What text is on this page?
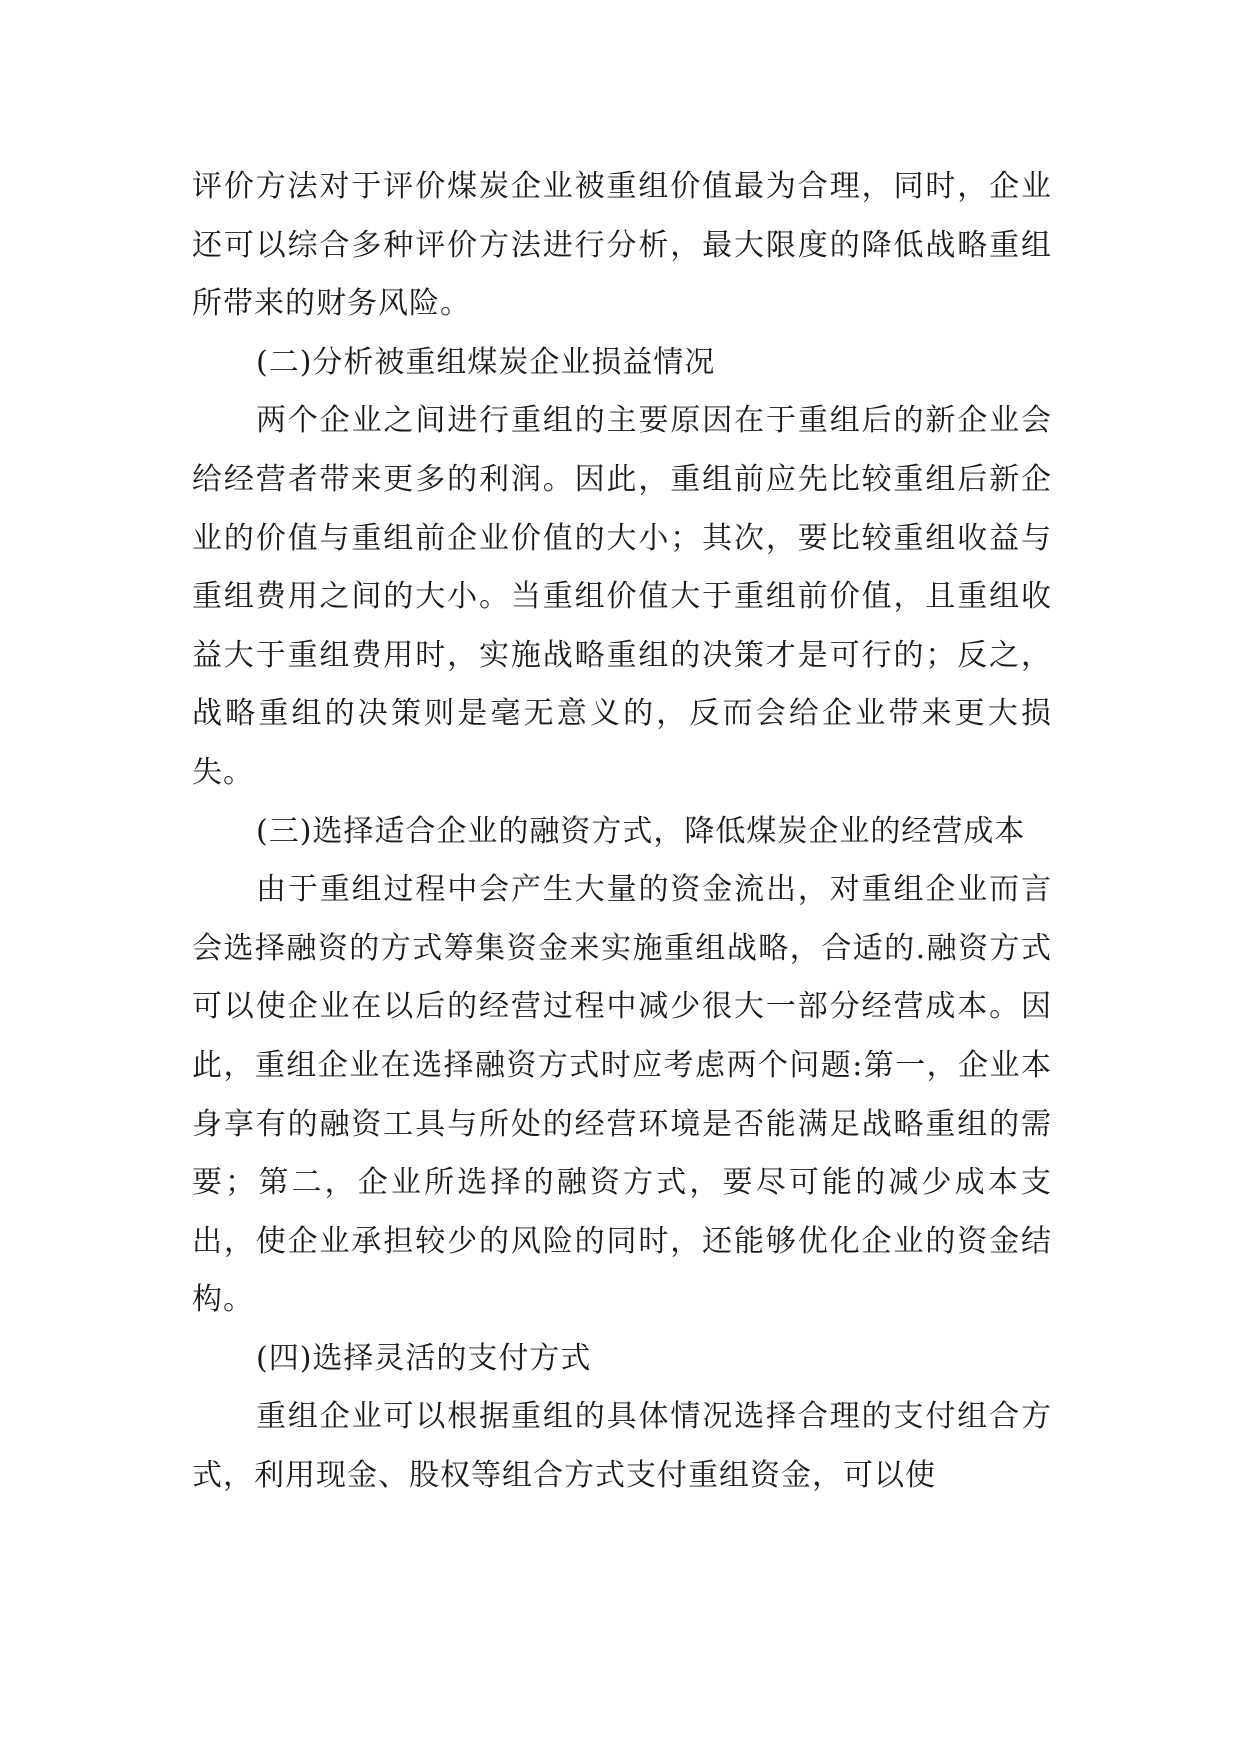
评价方法对于评价煤炭企业被重组价值最为合理，同时，企业还可以综合多种评价方法进行分析，最大限度的降低战略重组所带来的财务风险。

(二)分析被重组煤炭企业损益情况

两个企业之间进行重组的主要原因在于重组后的新企业会给经营者带来更多的利润。因此，重组前应先比较重组后新企业的价值与重组前企业价值的大小；其次，要比较重组收益与重组费用之间的大小。当重组价值大于重组前价值，且重组收益大于重组费用时，实施战略重组的决策才是可行的；反之，战略重组的决策则是毫无意义的，反而会给企业带来更大损失。

(三)选择适合企业的融资方式，降低煤炭企业的经营成本

由于重组过程中会产生大量的资金流出，对重组企业而言会选择融资的方式筹集资金来实施重组战略，合适的.融资方式可以使企业在以后的经营过程中减少很大一部分经营成本。因此，重组企业在选择融资方式时应考虑两个问题:第一，企业本身享有的融资工具与所处的经营环境是否能满足战略重组的需要；第二，企业所选择的融资方式，要尽可能的减少成本支出，使企业承担较少的风险的同时，还能够优化企业的资金结构。

(四)选择灵活的支付方式

重组企业可以根据重组的具体情况选择合理的支付组合方式，利用现金、股权等组合方式支付重组资金，可以使
